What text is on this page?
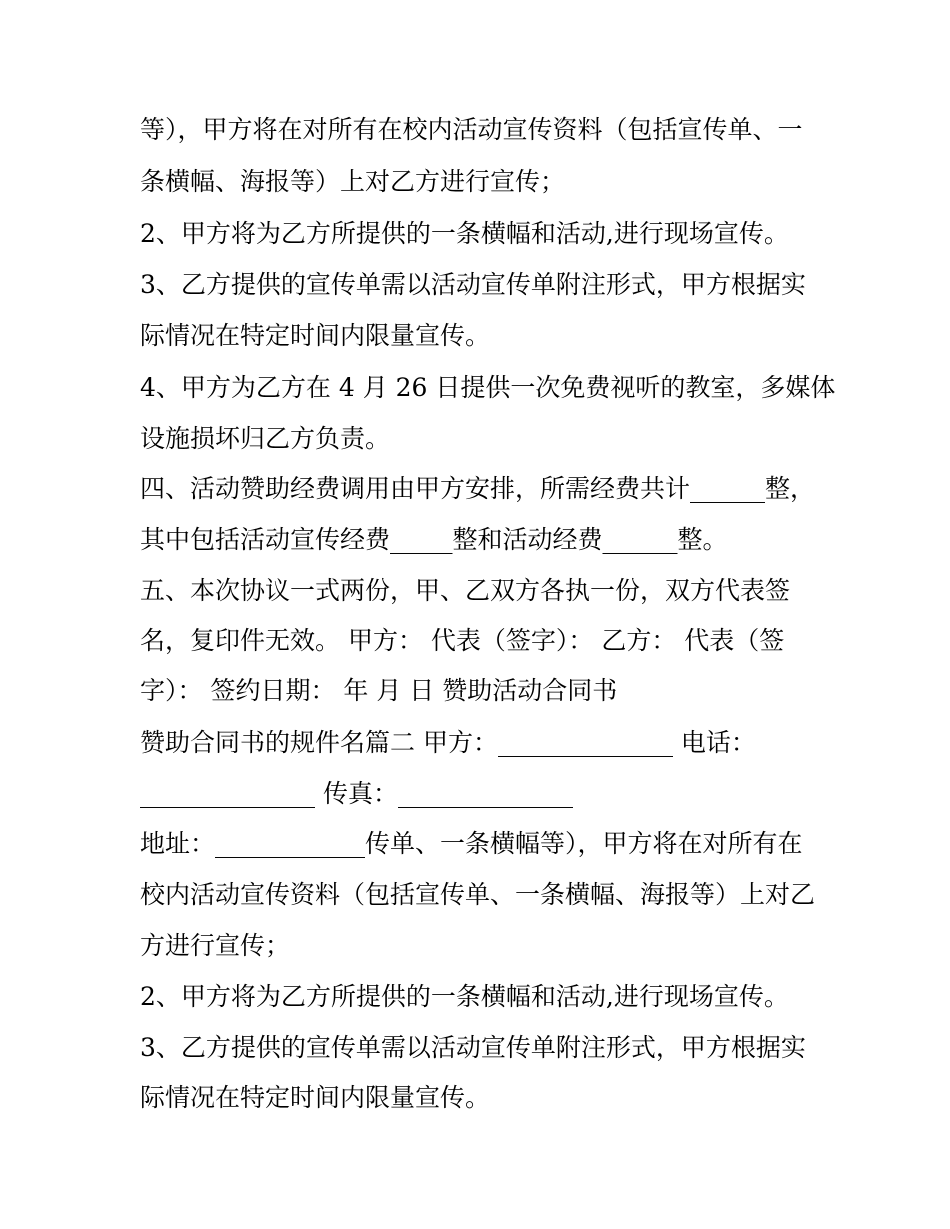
等），甲方将在对所有在校内活动宣传资料（包括宣传单、一
条横幅、海报等）上对乙方进行宣传；
2、甲方将为乙方所提供的一条横幅和活动,进行现场宣传。
3、乙方提供的宣传单需以活动宣传单附注形式，甲方根据实
际情况在特定时间内限量宣传。
4、甲方为乙方在 4 月 26 日提供一次免费视听的教室，多媒体
设施损坏归乙方负责。
四、活动赞助经费调用由甲方安排，所需经费共计______整，
其中包括活动宣传经费_____整和活动经费______整。
五、本次协议一式两份，甲、乙双方各执一份，双方代表签
名，复印件无效。 甲方： 代表（签字）： 乙方： 代表（签
字）： 签约日期： 年 月 日 赞助活动合同书
赞助合同书的规件名篇二 甲方：______________ 电话：
______________ 传真：______________
地址：____________传单、一条横幅等），甲方将在对所有在
校内活动宣传资料（包括宣传单、一条横幅、海报等）上对乙
方进行宣传；
2、甲方将为乙方所提供的一条横幅和活动,进行现场宣传。
3、乙方提供的宣传单需以活动宣传单附注形式，甲方根据实
际情况在特定时间内限量宣传。
